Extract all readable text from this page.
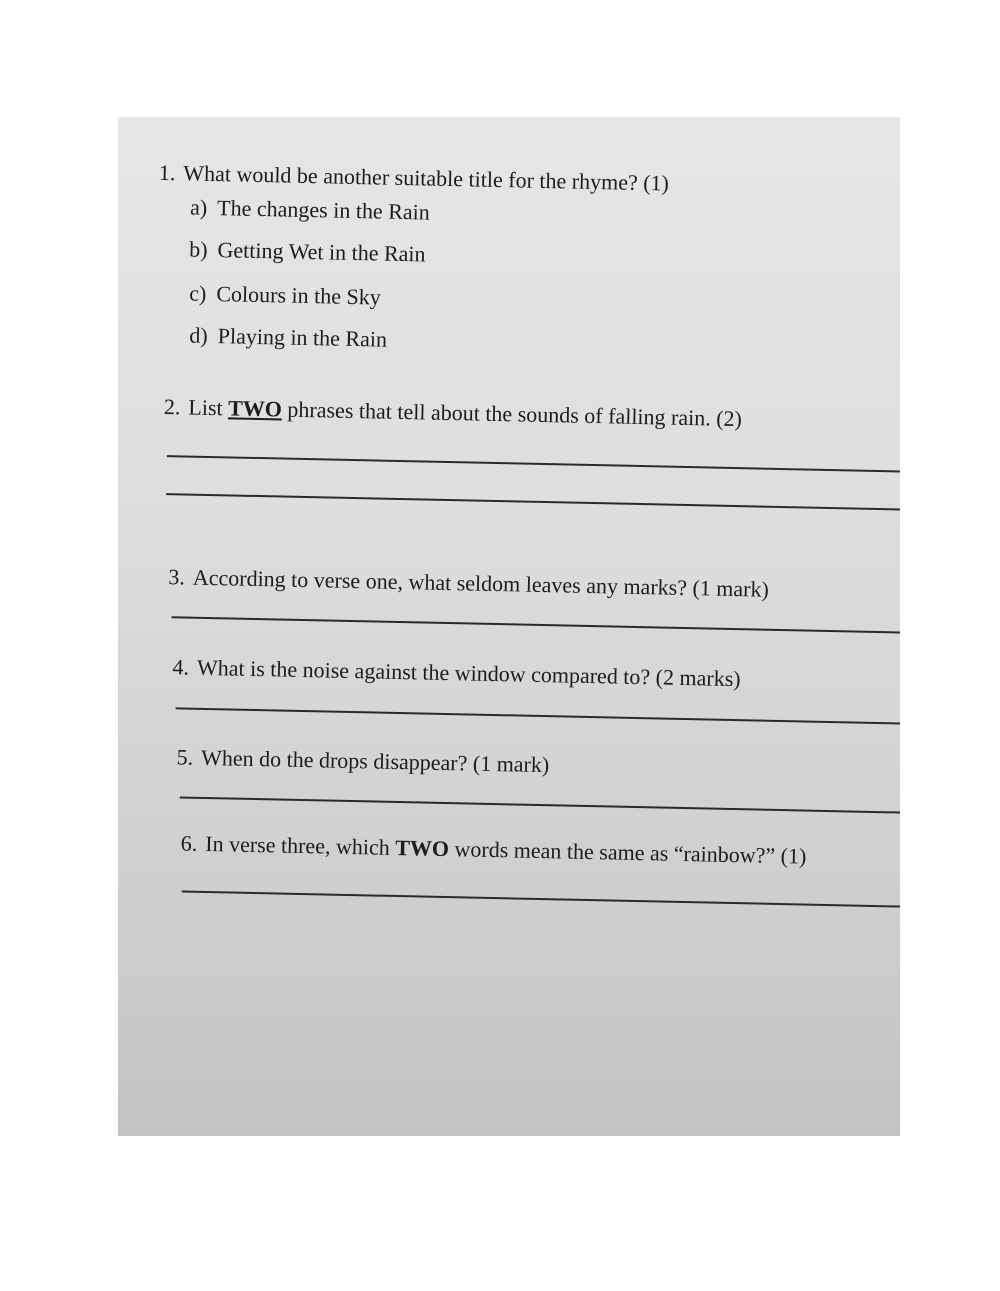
1. What would be another suitable title for the rhyme? (1)
a) The changes in the Rain
b) Getting Wet in the Rain
c) Colours in the Sky
d) Playing in the Rain
2. List TWO phrases that tell about the sounds of falling rain. (2)
3. According to verse one, what seldom leaves any marks? (1 mark)
4. What is the noise against the window compared to? (2 marks)
5. When do the drops disappear? (1 mark)
6. In verse three, which TWO words mean the same as “rainbow?” (1)
